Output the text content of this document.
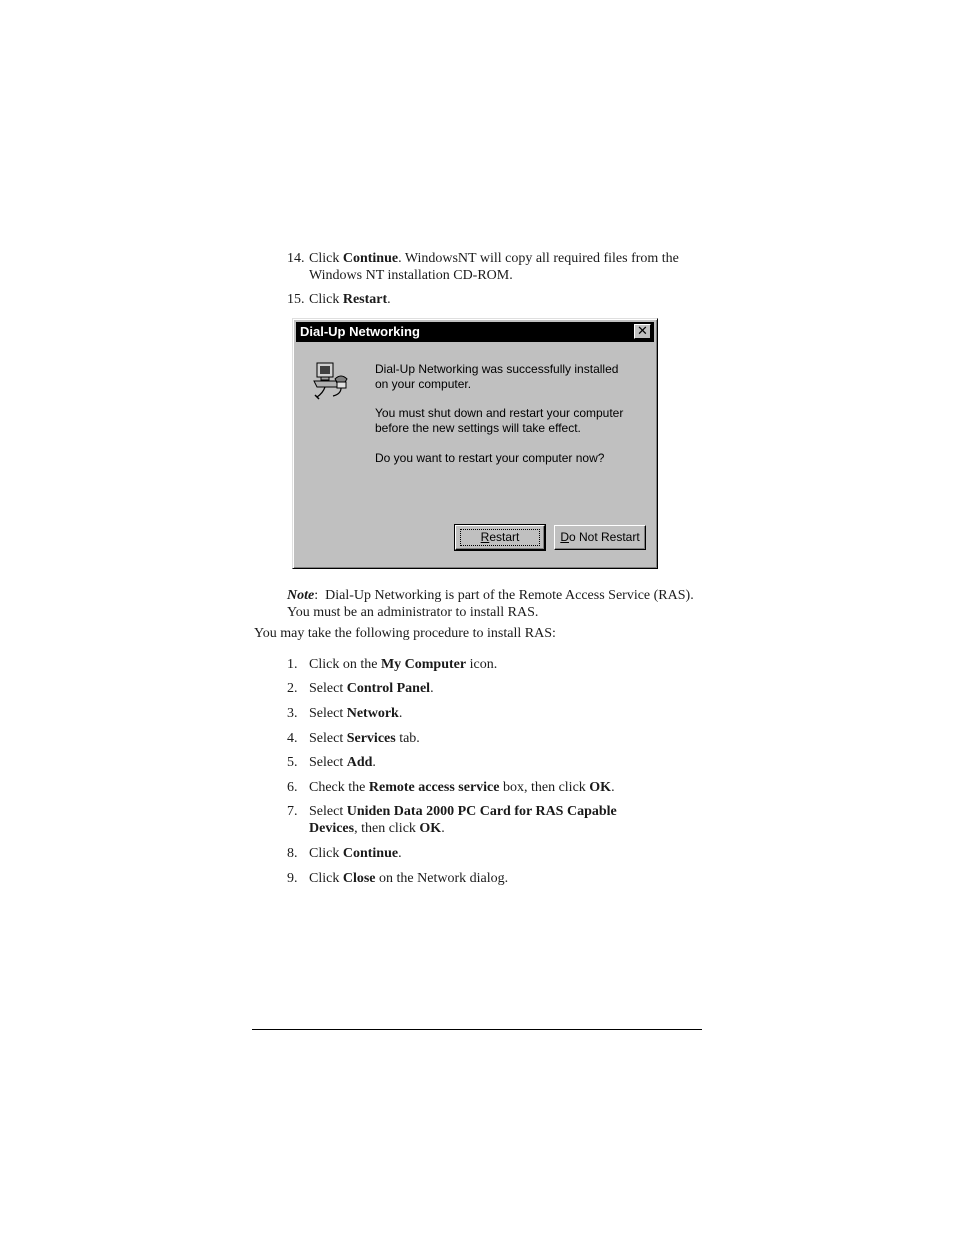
14. Click Continue. WindowsNT will copy all required files from the Windows NT installation CD-ROM.
15. Click Restart.
Dial-Up Networking	✕
Dial-Up Networking was successfully installed
on your computer.
You must shut down and restart your computer
before the new settings will take effect.
Do you want to restart your computer now?
Restart	Do Not Restart
Note:  Dial-Up Networking is part of the Remote Access Service (RAS). You must be an administrator to install RAS.
You may take the following procedure to install RAS:
1. Click on the My Computer icon.
2. Select Control Panel.
3. Select Network.
4. Select Services tab.
5. Select Add.
6. Check the Remote access service box, then click OK.
7. Select Uniden Data 2000 PC Card for RAS Capable Devices, then click OK.
8. Click Continue.
9. Click Close on the Network dialog.
